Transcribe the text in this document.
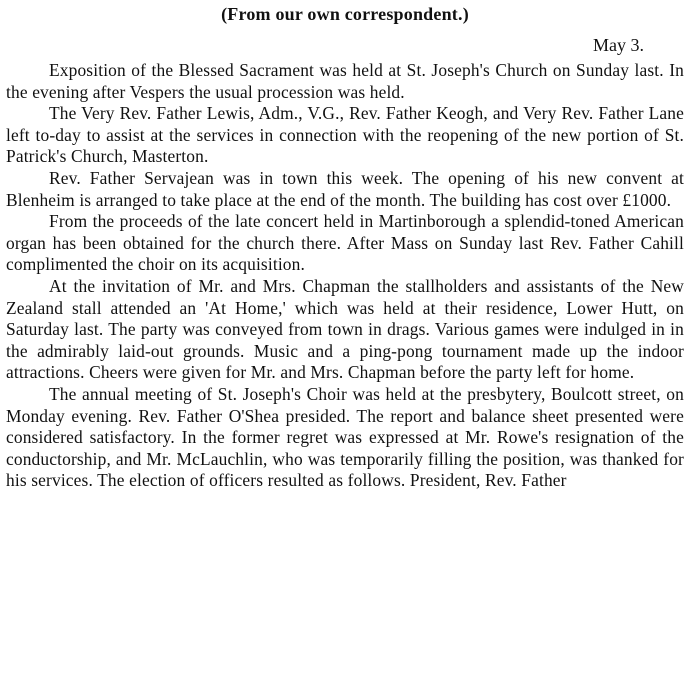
(From our own correspondent.)
May 3.

Exposition of the Blessed Sacrament was held at St. Joseph's Church on Sunday last. In the evening after Vespers the usual procession was held.

The Very Rev. Father Lewis, Adm., V.G., Rev. Father Keogh, and Very Rev. Father Lane left to-day to assist at the services in connection with the reopening of the new portion of St. Patrick's Church, Masterton.

Rev. Father Servajean was in town this week. The opening of his new convent at Blenheim is arranged to take place at the end of the month. The building has cost over £1000.

From the proceeds of the late concert held in Martinborough a splendid-toned American organ has been obtained for the church there. After Mass on Sunday last Rev. Father Cahill complimented the choir on its acquisition.

At the invitation of Mr. and Mrs. Chapman the stallholders and assistants of the New Zealand stall attended an 'At Home,' which was held at their residence, Lower Hutt, on Saturday last. The party was conveyed from town in drags. Various games were indulged in in the admirably laid-out grounds. Music and a ping-pong tournament made up the indoor attractions. Cheers were given for Mr. and Mrs. Chapman before the party left for home.

The annual meeting of St. Joseph's Choir was held at the presbytery, Boulcott street, on Monday evening. Rev. Father O'Shea presided. The report and balance sheet presented were considered satisfactory. In the former regret was expressed at Mr. Rowe's resignation of the conductorship, and Mr. McLauchlin, who was temporarily filling the position, was thanked for his services. The election of officers resulted as follows. President, Rev. Father
